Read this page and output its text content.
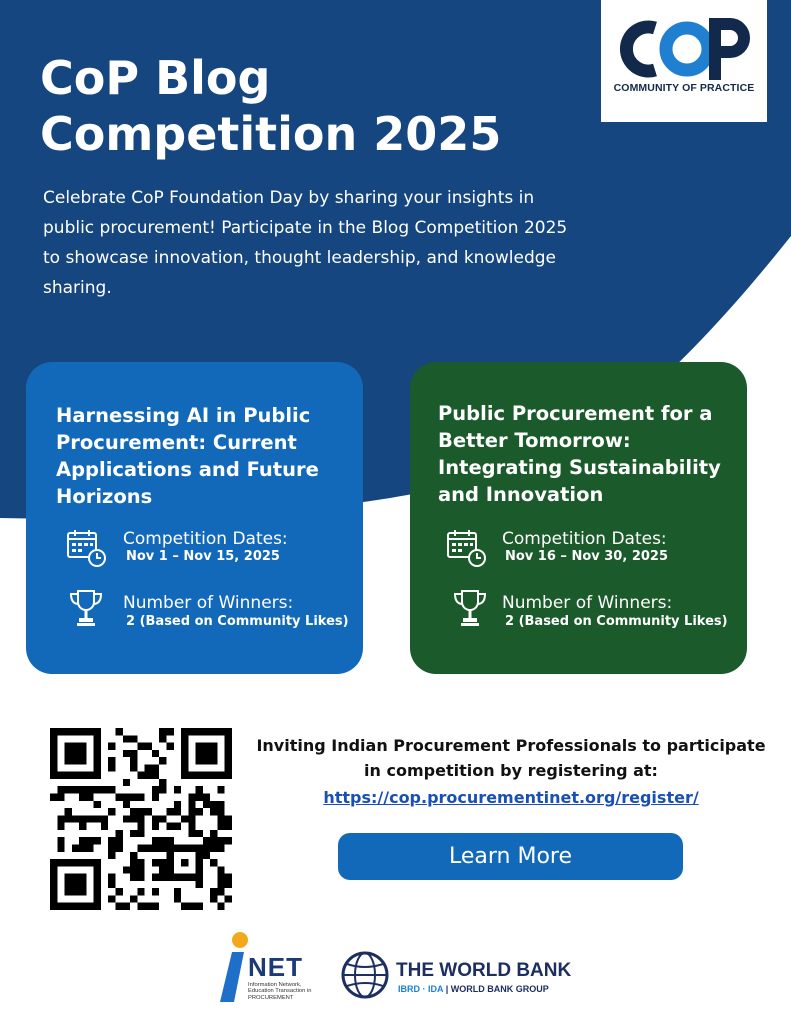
COMMUNITY OF PRACTICE
CoP Blog
Competition 2025

Celebrate CoP Foundation Day by sharing your insights in public procurement! Participate in the Blog Competition 2025 to showcase innovation, thought leadership, and knowledge sharing.

Harnessing AI in Public Procurement: Current Applications and Future Horizons
Competition Dates:
Nov 1 – Nov 15, 2025
Number of Winners:
2 (Based on Community Likes)
Public Procurement for a Better Tomorrow: Integrating Sustainability and Innovation
Competition Dates:
Nov 16 – Nov 30, 2025
Number of Winners:
2 (Based on Community Likes)

Inviting Indian Procurement Professionals to participate in competition by registering at:

https://cop.procurementinet.org/register/
Learn More
NET
Information Network, Education Transaction in PROCUREMENT
THE WORLD BANK
IBRD · IDA | WORLD BANK GROUP
